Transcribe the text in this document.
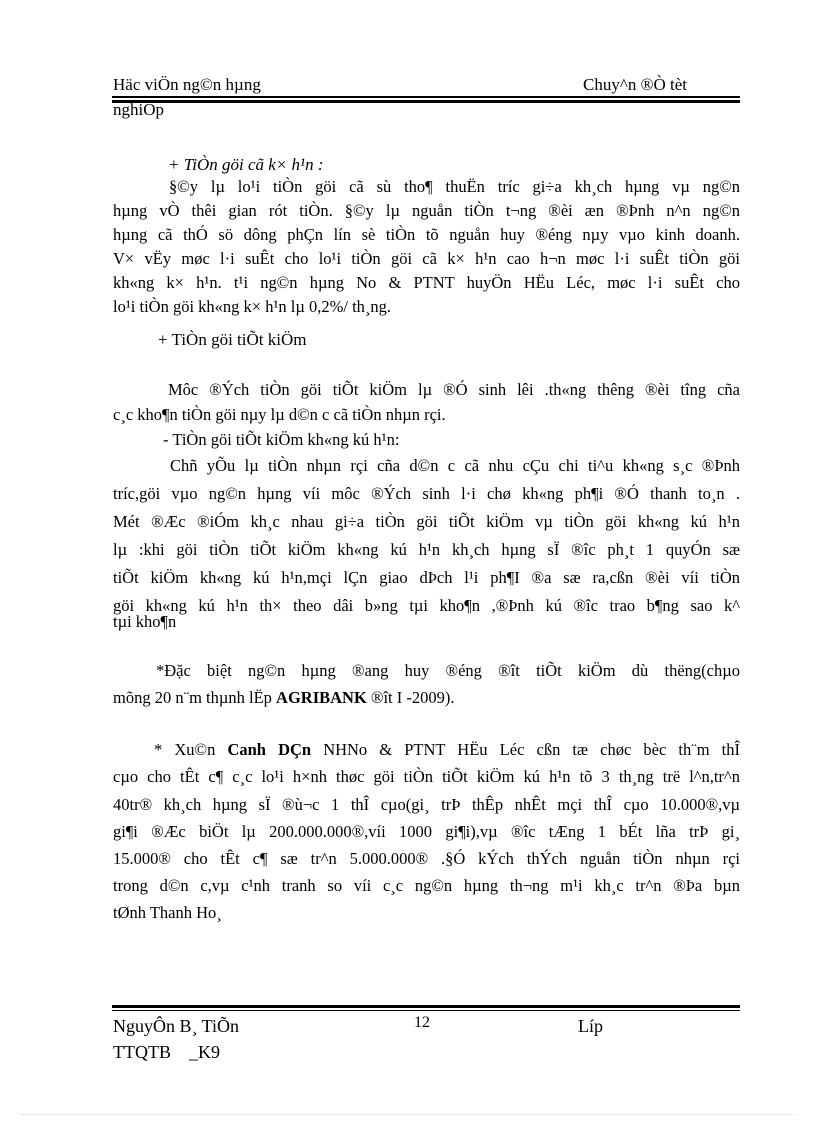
Häc viÖn ng©n hµng	Chuy^n ®Ò tèt
nghiÖp
+ TiÒn göi cã k× h¹n :
§©y lµ lo¹i tiÒn göi cã sù tho¶ thuËn tríc gi÷a kh¸ch hµng vµ ng©n
hµng vÒ thêi gian rót tiÒn. §©y lµ nguån tiÒn t¬ng ®èi æn ®Þnh n^n ng©n
hµng cã thÓ sö dông phÇn lín sè tiÒn tõ nguån huy ®éng nµy vµo kinh doanh.
V× vËy møc l·i suÊt cho lo¹i tiÒn göi cã k× h¹n cao h¬n møc l·i suÊt tiÒn göi
kh«ng k× h¹n. t¹i ng©n hµng No & PTNT huyÖn HËu Léc, møc l·i suÊt cho
lo¹i tiÒn göi kh«ng k× h¹n lµ 0,2%/ th¸ng.
+ TiÒn göi tiÕt kiÖm
Môc ®Ých tiÒn göi tiÕt kiÖm lµ ®Ó sinh lêi .th«ng thêng ®èi tîng cña
c¸c kho¶n tiÒn göi nµy lµ d©n c cã tiÒn nhµn rçi.
- TiÒn göi tiÕt kiÖm kh«ng kú h¹n:
Chñ yÕu lµ tiÒn nhµn rçi cña d©n c cã nhu cÇu chi ti^u kh«ng s¸c ®Þnh
tríc,göi vµo ng©n hµng víi môc ®Ých sinh l·i chø kh«ng ph¶i ®Ó thanh to¸n .
Mét ®Æc ®iÓm kh¸c nhau gi÷a tiÒn göi tiÕt kiÖm vµ tiÒn göi kh«ng kú h¹n
lµ :khi göi tiÒn tiÕt kiÖm kh«ng kú h¹n kh¸ch hµng sÏ ®îc ph¸t 1 quyÓn sæ
tiÕt kiÖm kh«ng kú h¹n,mçi lÇn giao dÞch l¹i ph¶I ®a sæ ra,cßn ®èi víi tiÒn
göi kh«ng kú h¹n th× theo dâi b»ng tµi kho¶n ,®Þnh kú ®îc trao b¶ng sao k^
tµi kho¶n
*Đặc biệt ng©n hµng ®ang huy ®éng ®ît tiÕt kiÖm dù thëng(chµo
mõng 20 n¨m thµnh lËp AGRIBANK ®ît I -2009).
* Xu©n Canh DÇn NHNo & PTNT HËu Léc cßn tæ chøc bèc th¨m thÎ
cµo cho tÊt c¶ c¸c lo¹i h×nh thøc göi tiÒn tiÕt kiÖm kú h¹n tõ 3 th¸ng trë l^n,tr^n
40tr® kh¸ch hµng sÏ ®ù¬c 1 thÎ cµo(gi¸ trÞ thÊp nhÊt mçi thÎ cµo 10.000®,vµ
gi¶i ®Æc biÖt lµ 200.000.000®,víi 1000 gi¶i),vµ ®îc tÆng 1 bÉt lña trÞ gi¸
15.000® cho tÊt c¶ sæ tr^n 5.000.000® .§Ó kÝch thÝch nguån tiÒn nhµn rçi
trong d©n c,vµ c¹nh tranh so víi c¸c ng©n hµng th¬ng m¹i kh¸c tr^n ®Þa bµn
tØnh Thanh Ho¸
NguyÔn B¸ TiÕn	12	Líp
TTQTB    _K9
